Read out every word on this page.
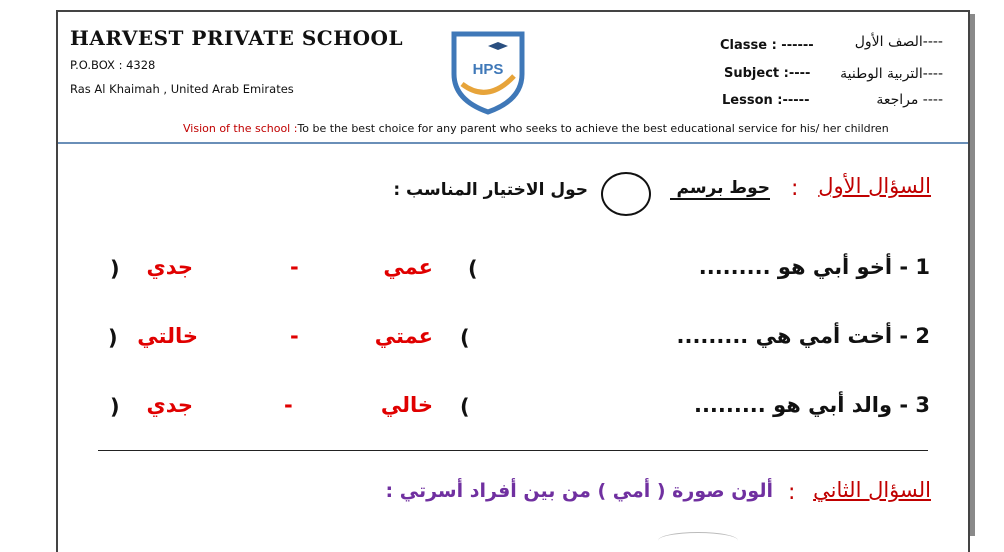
HARVEST PRIVATE SCHOOL
P.O.BOX : 4328
Ras Al Khaimah , United Arab Emirates
HPS
Classe : ------	----الصف الأول
Subject :----	----التربية الوطنية
Lesson :-----	---- مراجعة
Vision of the school :To be the best choice for any parent who seeks to achieve the best educational service for his/ her children
السؤال الأول
:
حوط برسم
حول الاختيار المناسب :
1 - أخو أبي هو .........
(
عمي
-
جدي
)
2 - أخت أمي هي .........
(
عمتي
-
خالتي
)
3 - والد أبي هو .........
(
خالي
-
جدي
)
السؤال الثاني
:
ألون صورة ( أمي ) من بين أفراد أسرتي :
